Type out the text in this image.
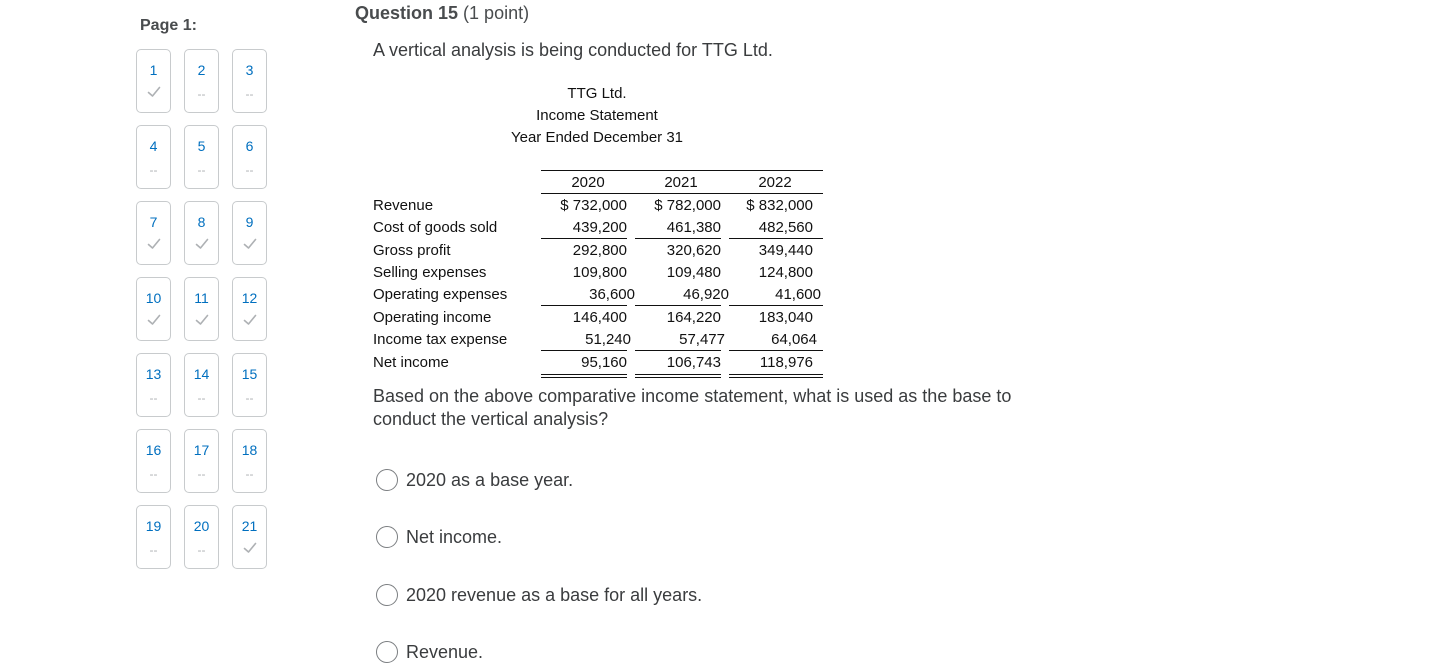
Page 1:
1	2
--
3
--
4
--
5
--
6
--
7	8	9
10	11	12
13
--
14
--
15
--
16
--
17
--
18
--
19
--
20
--
21
Question 15 (1 point)
A vertical analysis is being conducted for TTG Ltd.
TTG Ltd.
Income Statement
Year Ended December 31
2020	2021	2022
Revenue	$ 732,000	$ 782,000	$ 832,000
Cost of goods sold	439,200	461,380	482,560
Gross profit	292,800	320,620	349,440
Selling expenses	109,800	109,480	124,800
Operating expenses	36,600	46,920	41,600
Operating income	146,400	164,220	183,040
Income tax expense	51,240	57,477	64,064
Net income	95,160	106,743	118,976
Based on the above comparative income statement, what is used as the base to conduct the vertical analysis?
2020 as a base year.
Net income.
2020 revenue as a base for all years.
Revenue.
